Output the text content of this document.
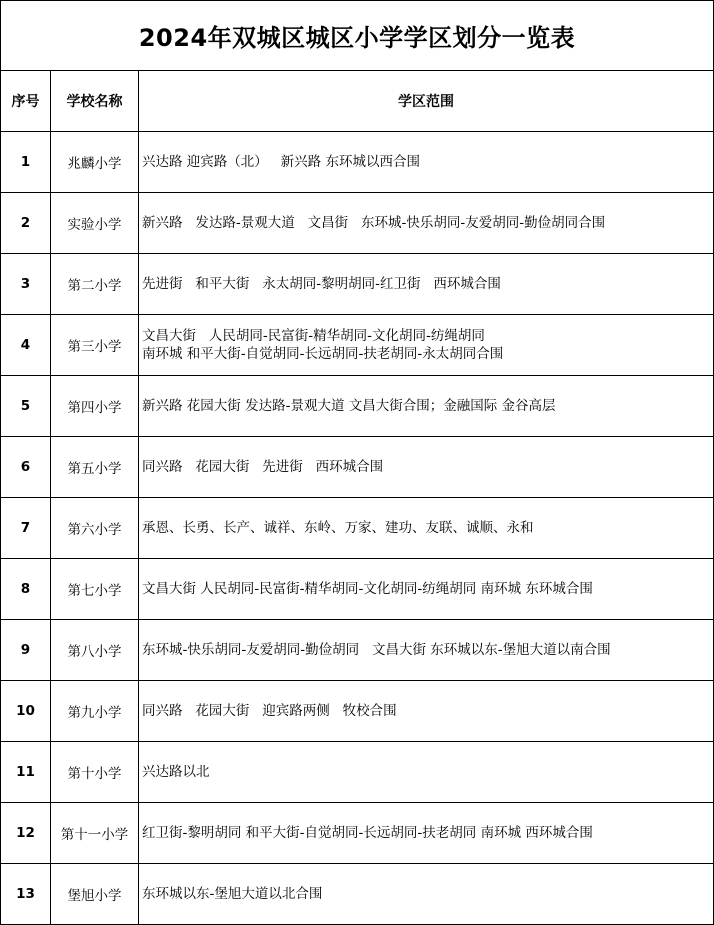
2024年双城区城区小学学区划分一览表		
序号	学校名称	学区范围
1	兆麟小学	兴达路 迎宾路（北）   新兴路 东环城以西合围
2	实验小学	新兴路   发达路-景观大道   文昌街   东环城-快乐胡同-友爱胡同-勤俭胡同合围
3	第二小学	先进街   和平大街   永太胡同-黎明胡同-红卫街   西环城合围
4	第三小学	文昌大街   人民胡同-民富街-精华胡同-文化胡同-纺绳胡同
南环城 和平大街-自觉胡同-长远胡同-扶老胡同-永太胡同合围
5	第四小学	新兴路 花园大街 发达路-景观大道 文昌大街合围；金融国际 金谷高层
6	第五小学	同兴路   花园大街   先进街   西环城合围
7	第六小学	承恩、长勇、长产、诚祥、东岭、万家、建功、友联、诚顺、永和
8	第七小学	文昌大街 人民胡同-民富街-精华胡同-文化胡同-纺绳胡同 南环城 东环城合围
9	第八小学	东环城-快乐胡同-友爱胡同-勤俭胡同   文昌大街 东环城以东-堡旭大道以南合围
10	第九小学	同兴路   花园大街   迎宾路两侧   牧校合围
11	第十小学	兴达路以北
12	第十一小学	红卫街-黎明胡同 和平大街-自觉胡同-长远胡同-扶老胡同 南环城 西环城合围
13	堡旭小学	东环城以东-堡旭大道以北合围
